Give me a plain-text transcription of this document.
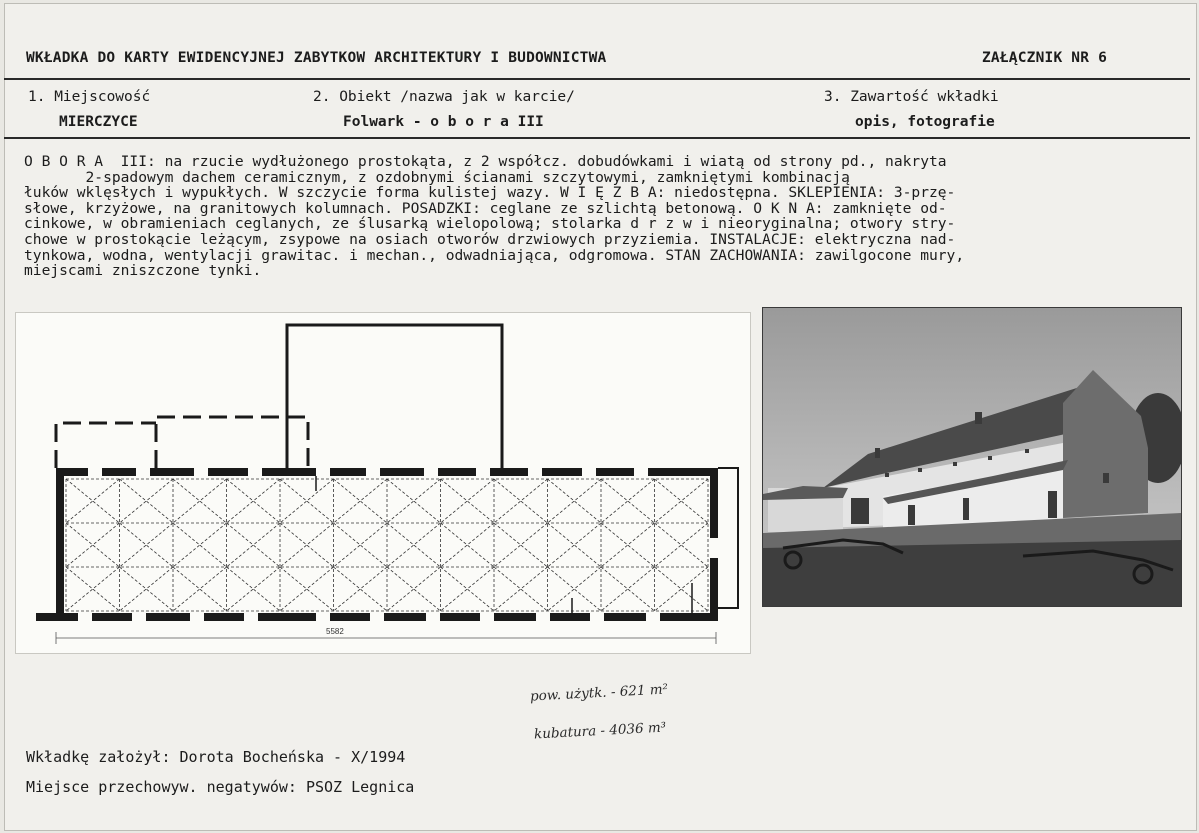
WKŁADKA DO KARTY EWIDENCYJNEJ ZABYTKOW ARCHITEKTURY I BUDOWNICTWA	ZAŁĄCZNIK NR 6
1. Miejscowość
MIERCZYCE
2. Obiekt /nazwa jak w karcie/
Folwark - o b o r a III
3. Zawartość wkładki
opis, fotografie
O B O R A  III: na rzucie wydłużonego prostokąta, z 2 współcz. dobudówkami i wiatą od strony pd., nakryta
2-spadowym dachem ceramicznym, z ozdobnymi ścianami szczytowymi, zamkniętymi kombinacją
łuków wklęsłych i wypukłych. W szczycie forma kulistej wazy. W I Ę Z B A: niedostępna. SKLEPIENIA: 3-przę-
słowe, krzyżowe, na granitowych kolumnach. POSADZKI: ceglane ze szlichtą betonową. O K N A: zamknięte od-
cinkowe, w obramieniach ceglanych, ze ślusarką wielopolową; stolarka d r z w i nieoryginalna; otwory stry-
chowe w prostokącie leżącym, zsypowe na osiach otworów drzwiowych przyziemia. INSTALACJE: elektryczna nad-
tynkowa, wodna, wentylacji grawitac. i mechan., odwadniająca, odgromowa. STAN ZACHOWANIA: zawilgocone mury,
miejscami zniszczone tynki.
5582
pow. użytk. - 621 m²
kubatura - 4036 m³
Wkładkę założył: Dorota Bocheńska - X/1994
Miejsce przechowyw. negatywów: PSOZ Legnica
